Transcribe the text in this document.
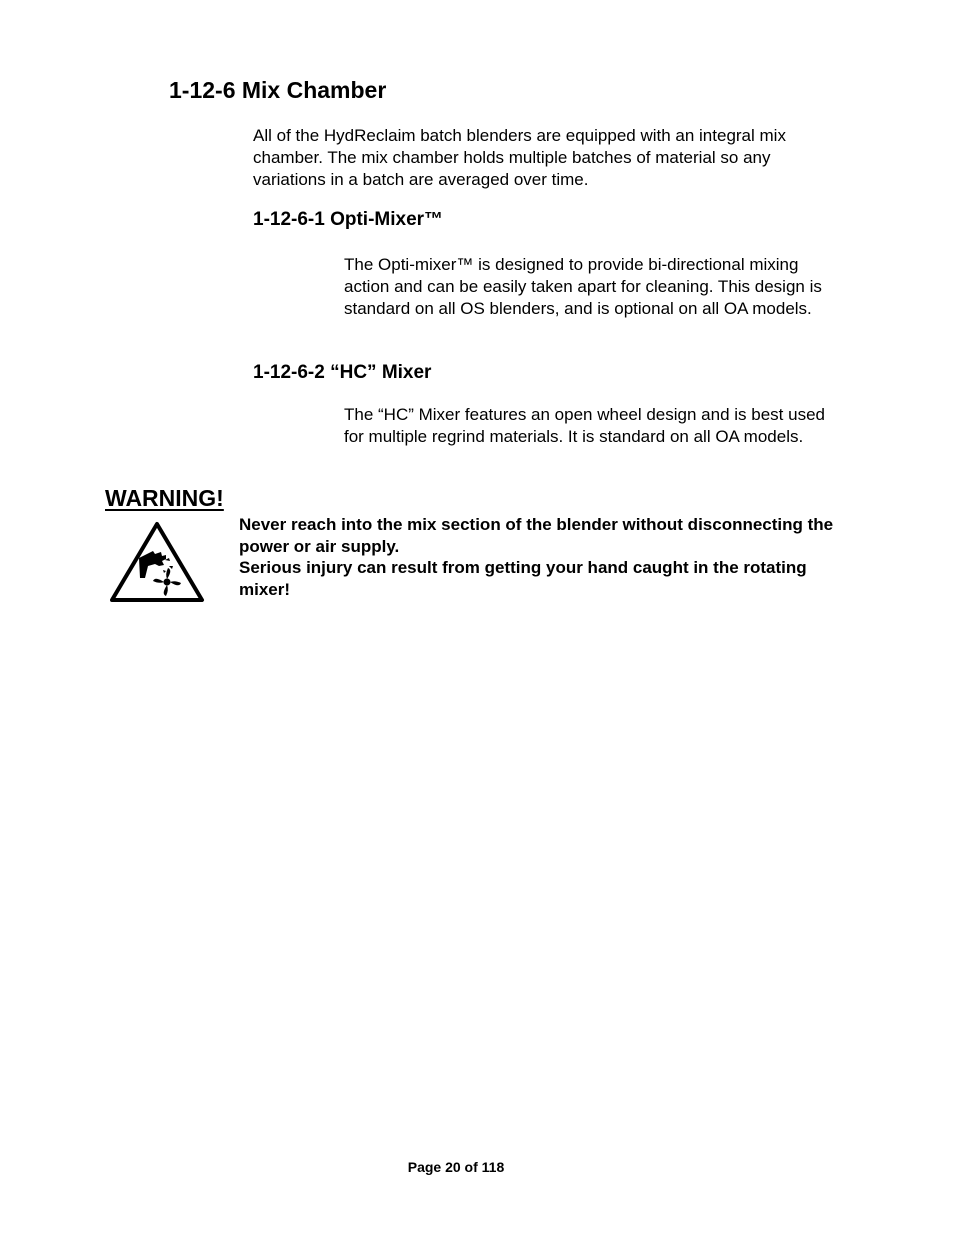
1-12-6 Mix Chamber

All of the HydReclaim batch blenders are equipped with an integral mix chamber. The mix chamber holds multiple batches of material so any variations in a batch are averaged over time.

1-12-6-1 Opti-Mixer™

The Opti-mixer™ is designed to provide bi-directional mixing action and can be easily taken apart for cleaning. This design is standard on all OS blenders, and is optional on all OA models.

1-12-6-2 “HC” Mixer

The “HC” Mixer features an open wheel design and is best used for multiple regrind materials. It is standard on all OA models.

WARNING!
Never reach into the mix section of the blender without disconnecting the power or air supply.
Serious injury can result from getting your hand caught in the rotating mixer!
Page 20 of 118
